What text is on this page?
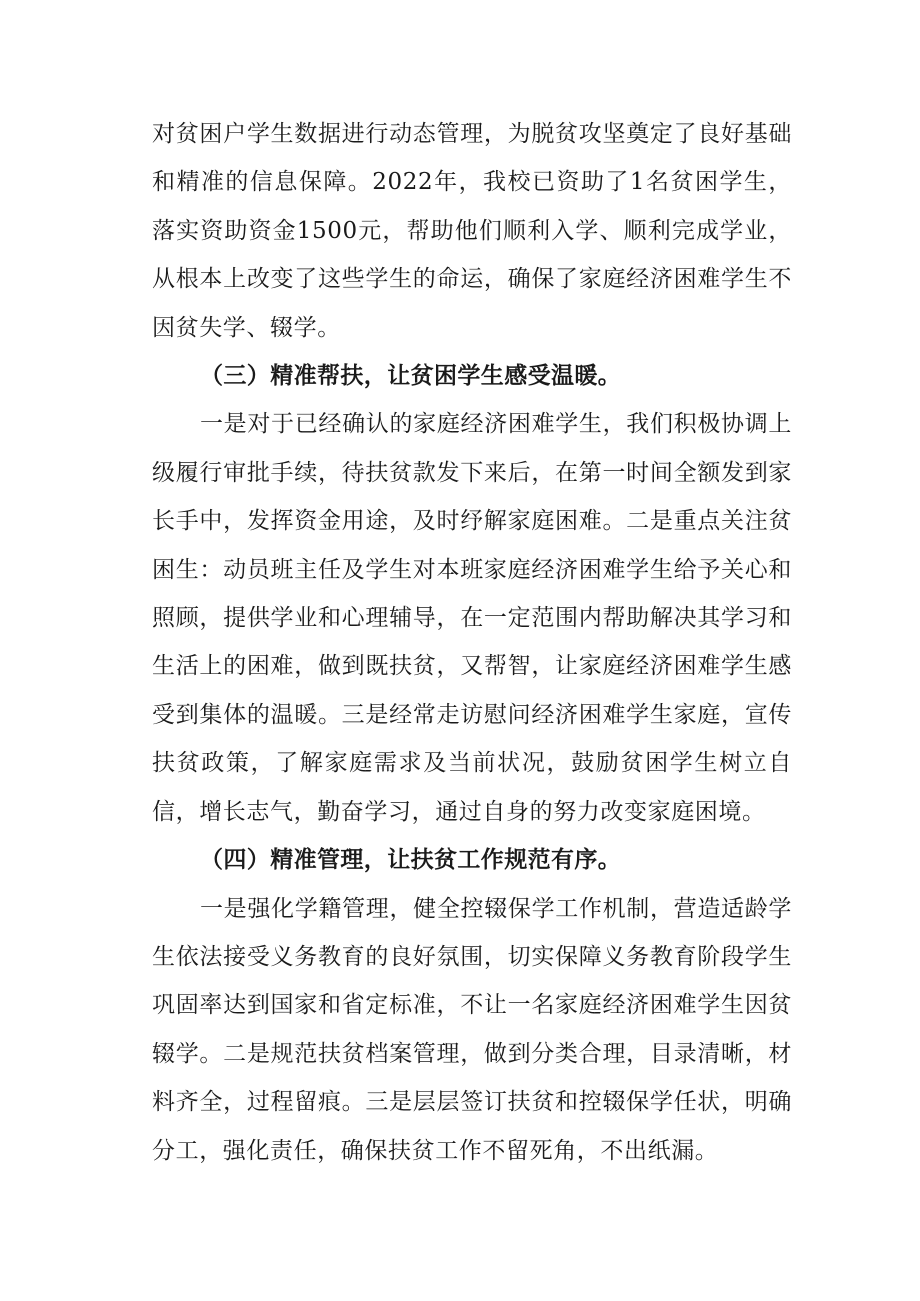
对贫困户学生数据进行动态管理，为脱贫攻坚奠定了良好基础和精准的信息保障。2022年，我校已资助了1名贫困学生，落实资助资金1500元，帮助他们顺利入学、顺利完成学业，从根本上改变了这些学生的命运，确保了家庭经济困难学生不因贫失学、辍学。

（三）精准帮扶，让贫困学生感受温暖。

一是对于已经确认的家庭经济困难学生，我们积极协调上级履行审批手续，待扶贫款发下来后，在第一时间全额发到家长手中，发挥资金用途，及时纾解家庭困难。二是重点关注贫困生：动员班主任及学生对本班家庭经济困难学生给予关心和照顾，提供学业和心理辅导，在一定范围内帮助解决其学习和生活上的困难，做到既扶贫，又帮智，让家庭经济困难学生感受到集体的温暖。三是经常走访慰问经济困难学生家庭，宣传扶贫政策，了解家庭需求及当前状况，鼓励贫困学生树立自信，增长志气，勤奋学习，通过自身的努力改变家庭困境。

（四）精准管理，让扶贫工作规范有序。

一是强化学籍管理，健全控辍保学工作机制，营造适龄学生依法接受义务教育的良好氛围，切实保障义务教育阶段学生巩固率达到国家和省定标准，不让一名家庭经济困难学生因贫辍学。二是规范扶贫档案管理，做到分类合理，目录清晰，材料齐全，过程留痕。三是层层签订扶贫和控辍保学任状，明确分工，强化责任，确保扶贫工作不留死角，不出纸漏。
